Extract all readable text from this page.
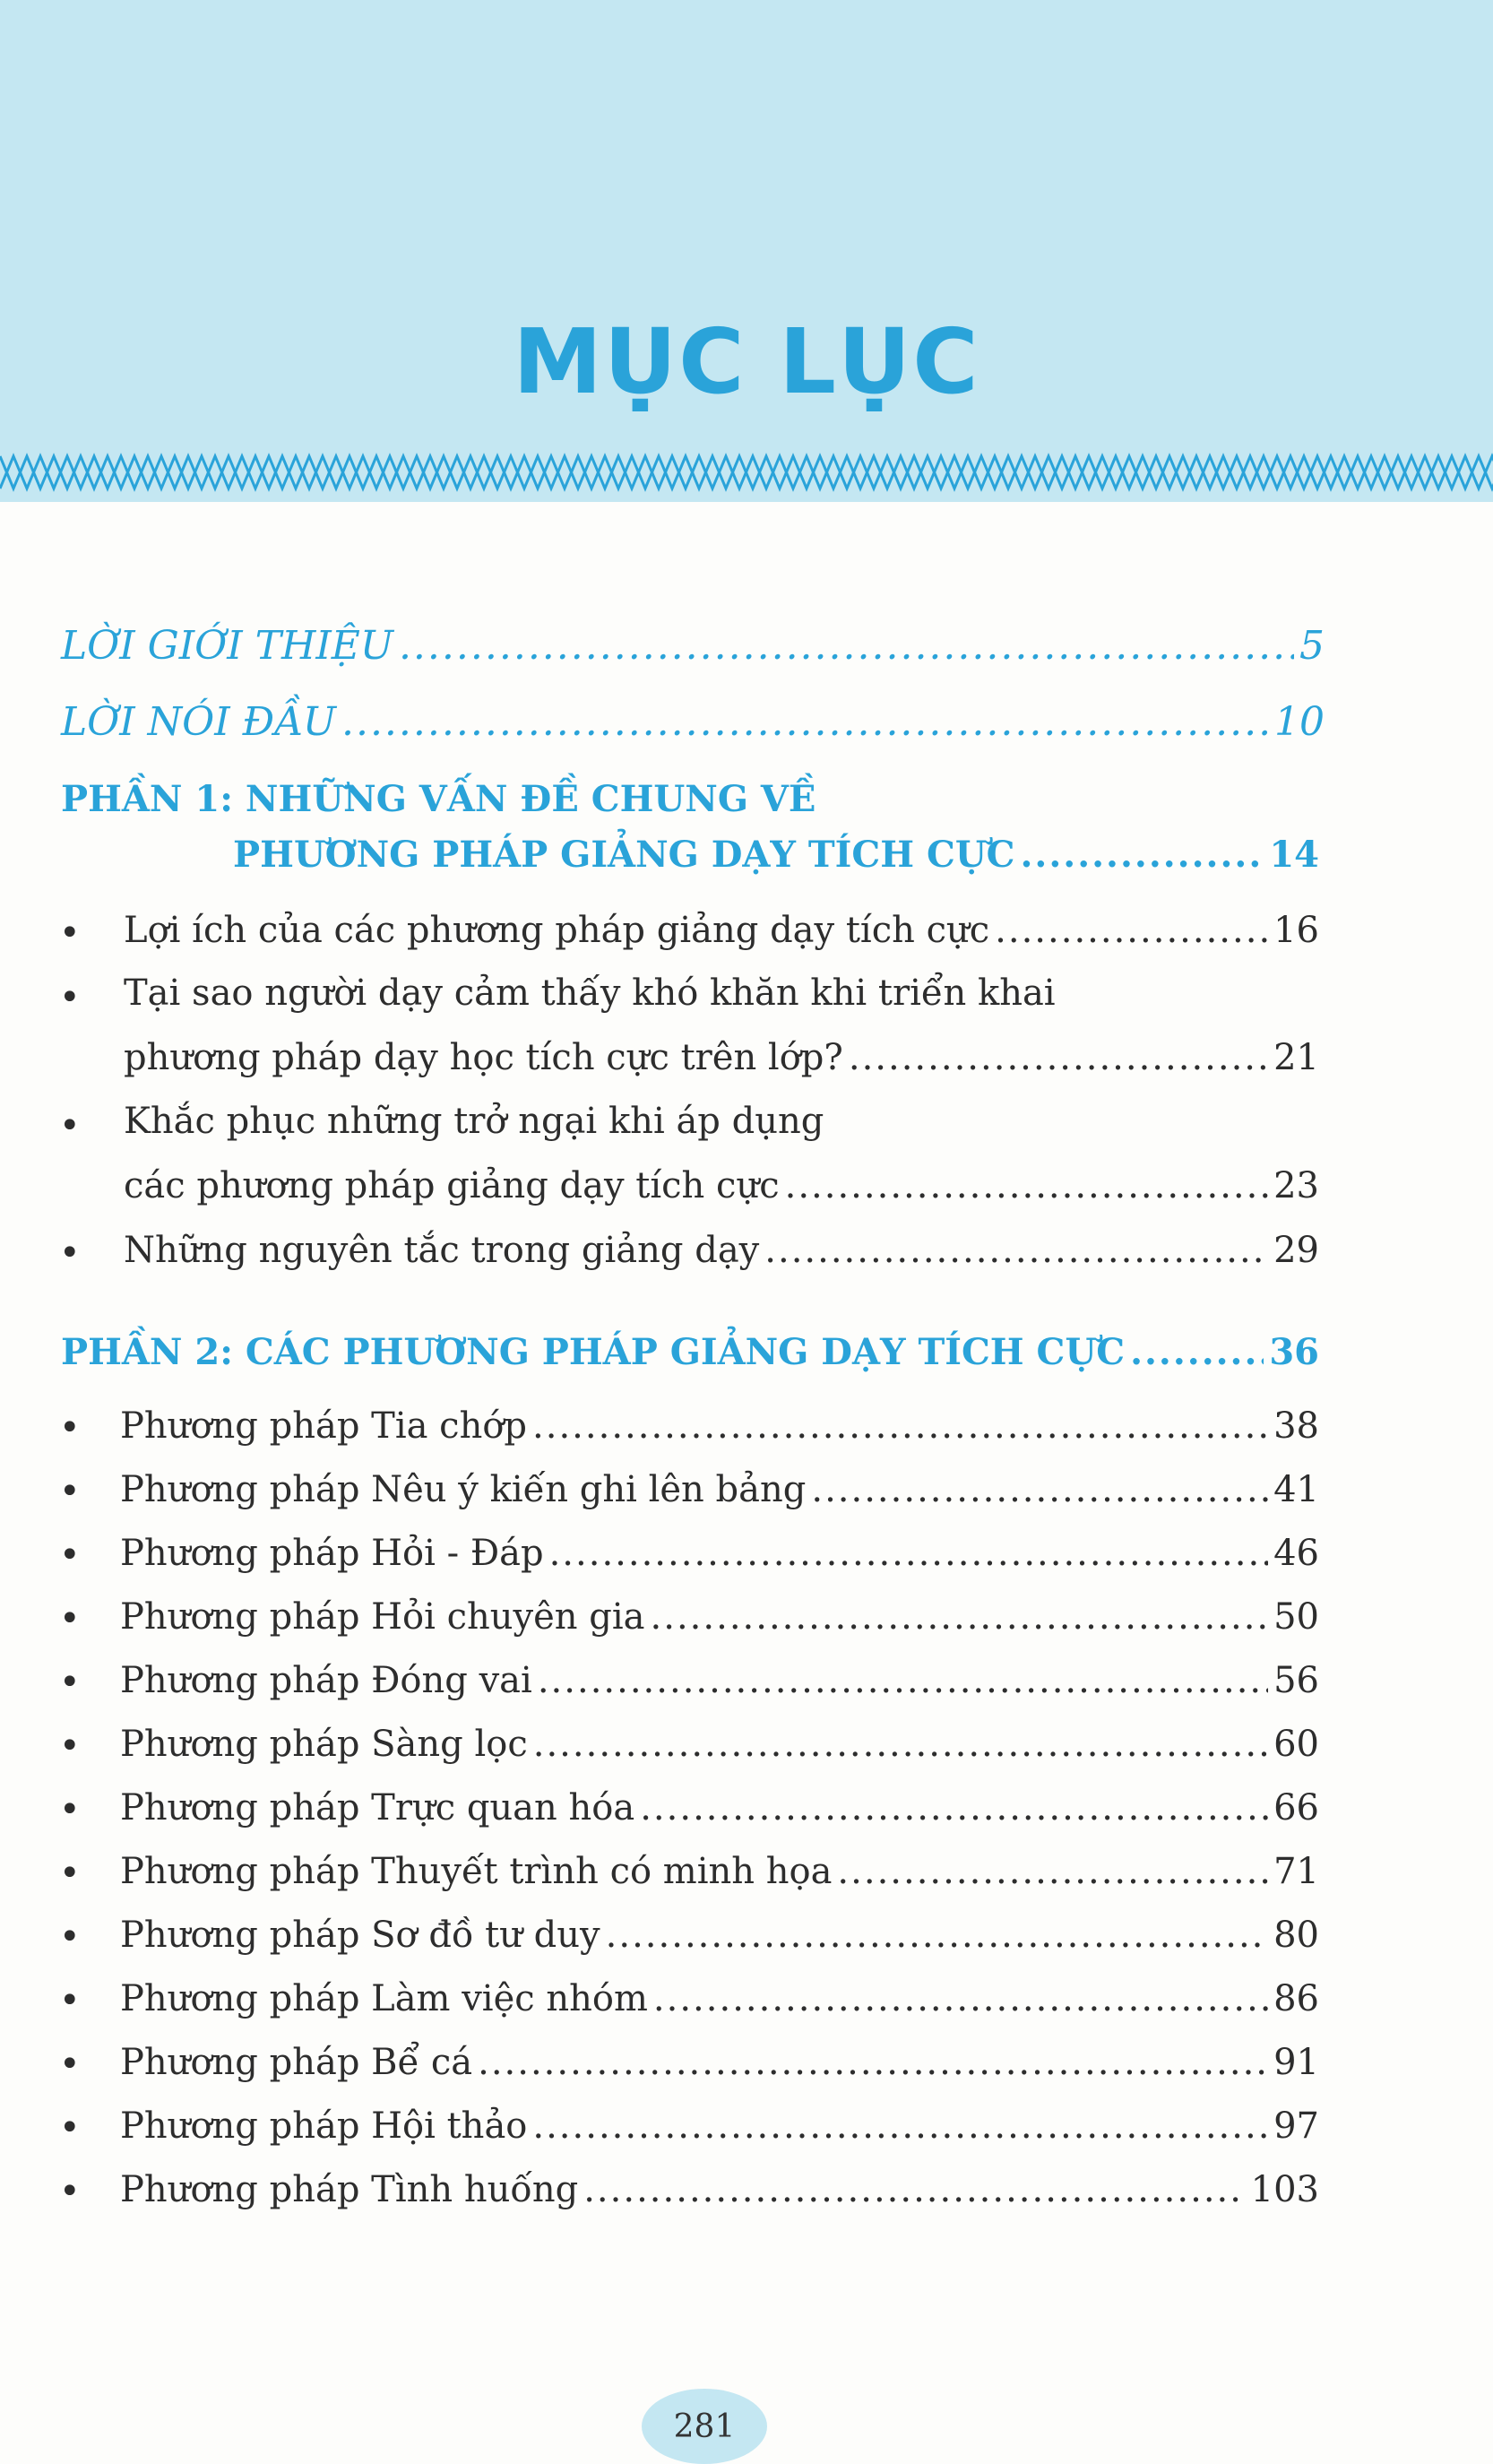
MỤC LỤC
LỜI GIỚI THIỆU .....	5
LỜI NÓI ĐẦU .....	10
PHẦN 1: NHỮNG VẤN ĐỀ CHUNG VỀ
PHƯƠNG PHÁP GIẢNG DẠY TÍCH CỰC .....	14
• Lợi ích của các phương pháp giảng dạy tích cực .....	16
• Tại sao người dạy cảm thấy khó khăn khi triển khai
phương pháp dạy học tích cực trên lớp? .....	21
• Khắc phục những trở ngại khi áp dụng
các phương pháp giảng dạy tích cực .....	23
• Những nguyên tắc trong giảng dạy .....	29
PHẦN 2: CÁC PHƯƠNG PHÁP GIẢNG DẠY TÍCH CỰC .....	36
• Phương pháp Tia chớp .....	38
• Phương pháp Nêu ý kiến ghi lên bảng .....	41
• Phương pháp Hỏi - Đáp .....	46
• Phương pháp Hỏi chuyên gia .....	50
• Phương pháp Đóng vai .....	56
• Phương pháp Sàng lọc .....	60
• Phương pháp Trực quan hóa .....	66
• Phương pháp Thuyết trình có minh họa .....	71
• Phương pháp Sơ đồ tư duy .....	80
• Phương pháp Làm việc nhóm .....	86
• Phương pháp Bể cá .....	91
• Phương pháp Hội thảo .....	97
• Phương pháp Tình huống .....	103
281
